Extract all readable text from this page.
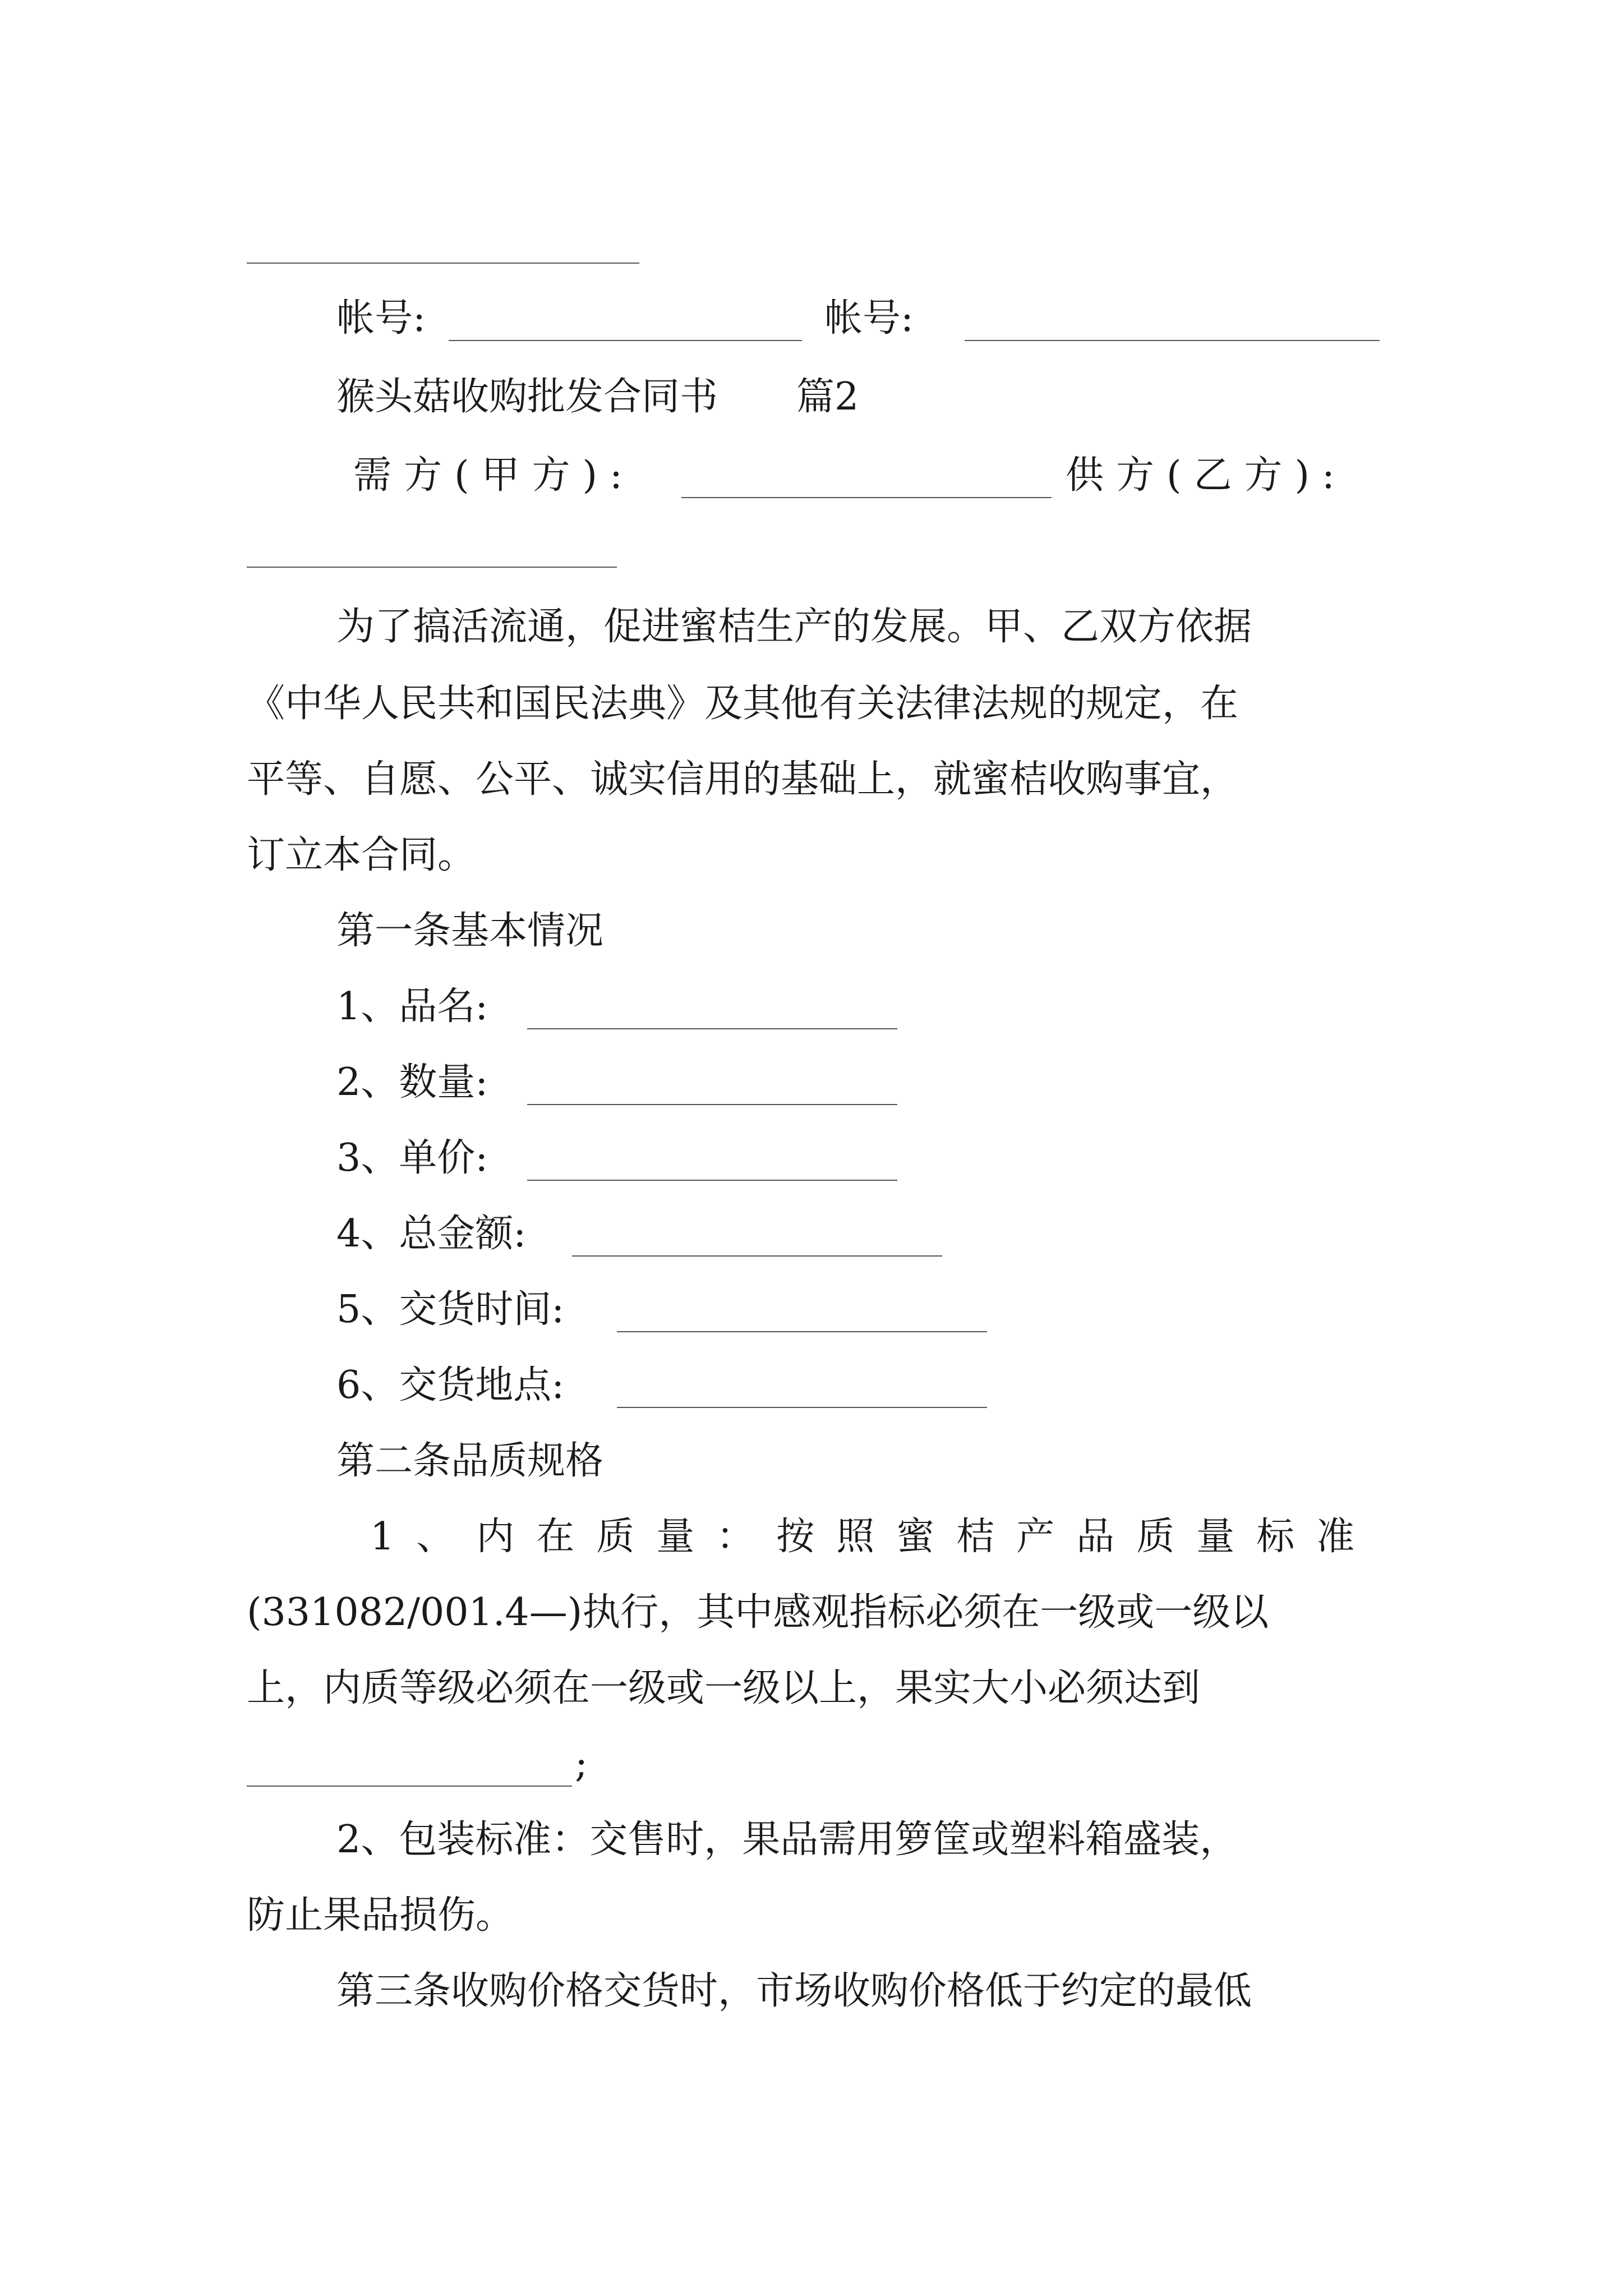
帐号:	帐号:
猴头菇收购批发合同书 篇2
需方(甲方):	供方(乙方):
为了搞活流通，促进蜜桔生产的发展。甲、乙双方依据
《中华人民共和国民法典》及其他有关法律法规的规定，在
平等、自愿、公平、诚实信用的基础上，就蜜桔收购事宜，
订立本合同。
第一条基本情况
1、品名:
2、数量:
3、单价:
4、总金额:
5、交货时间:
6、交货地点:
第二条品质规格
1、内在质量：按照蜜桔产品质量标准
(331082/001.4—)执行，其中感观指标必须在一级或一级以
上，内质等级必须在一级或一级以上，果实大小必须达到
;
2、包装标准：交售时，果品需用箩筐或塑料箱盛装，
防止果品损伤。
第三条收购价格交货时，市场收购价格低于约定的最低
